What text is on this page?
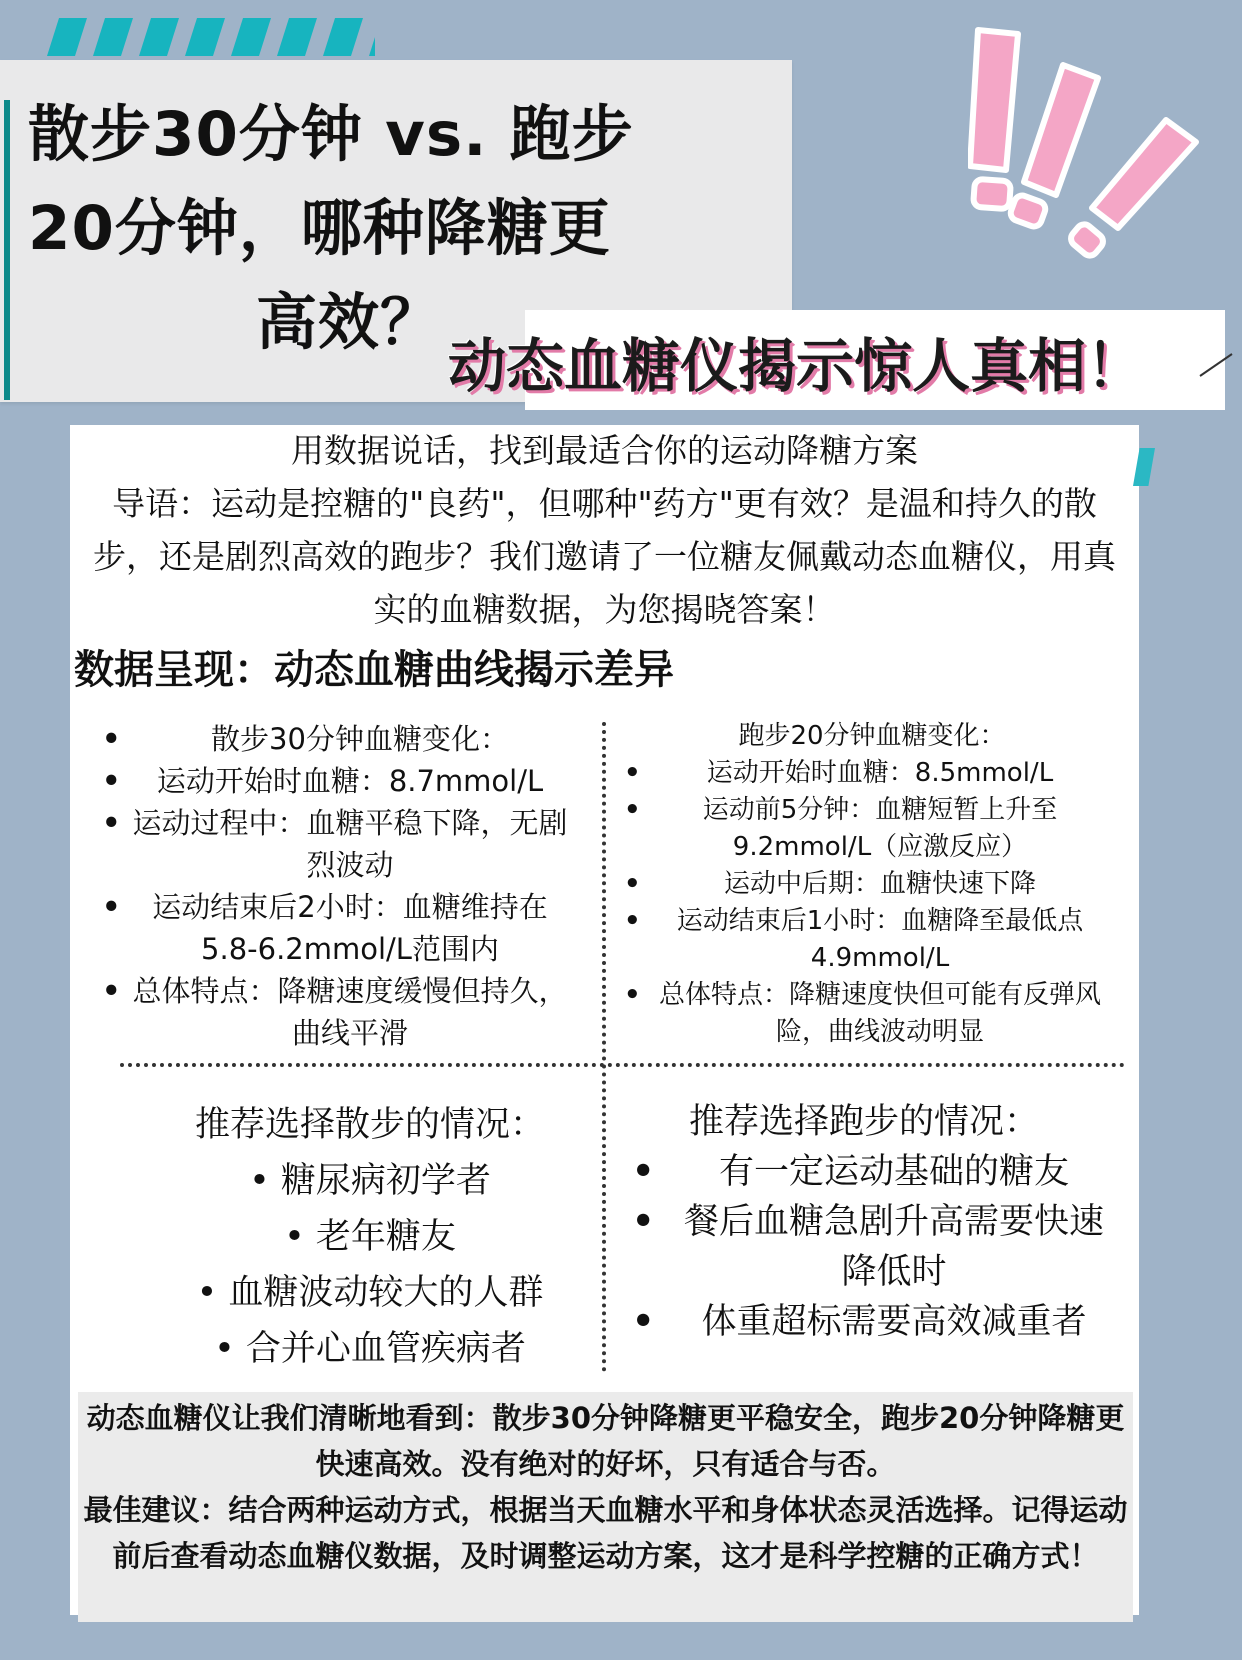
散步30分钟 vs. 跑步
20分钟，哪种降糖更

高效？
动态血糖仪揭示惊人真相！

用数据说话，找到最适合你的运动降糖方案

导语：运动是控糖的"良药"，但哪种"药方"更有效？是温和持久的散步，还是剧烈高效的跑步？我们邀请了一位糖友佩戴动态血糖仪，用真实的血糖数据，为您揭晓答案！

数据呈现：动态血糖曲线揭示差异
• 散步30分钟血糖变化：
• 运动开始时血糖：8.7mmol/L
• 运动过程中：血糖平稳下降，无剧烈波动
• 运动结束后2小时：血糖维持在5.8-6.2mmol/L范围内
• 总体特点：降糖速度缓慢但持久，曲线平滑
跑步20分钟血糖变化：
• 运动开始时血糖：8.5mmol/L
• 运动前5分钟：血糖短暂上升至9.2mmol/L（应激反应）
• 运动中后期：血糖快速下降
• 运动结束后1小时：血糖降至最低点4.9mmol/L
• 总体特点：降糖速度快但可能有反弹风险，曲线波动明显
推荐选择散步的情况：
• 糖尿病初学者
• 老年糖友
• 血糖波动较大的人群
• 合并心血管疾病者
推荐选择跑步的情况：
• 有一定运动基础的糖友
• 餐后血糖急剧升高需要快速降低时
• 体重超标需要高效减重者

动态血糖仪让我们清晰地看到：散步30分钟降糖更平稳安全，跑步20分钟降糖更快速高效。没有绝对的好坏，只有适合与否。
最佳建议：结合两种运动方式，根据当天血糖水平和身体状态灵活选择。记得运动前后查看动态血糖仪数据，及时调整运动方案，这才是科学控糖的正确方式！
